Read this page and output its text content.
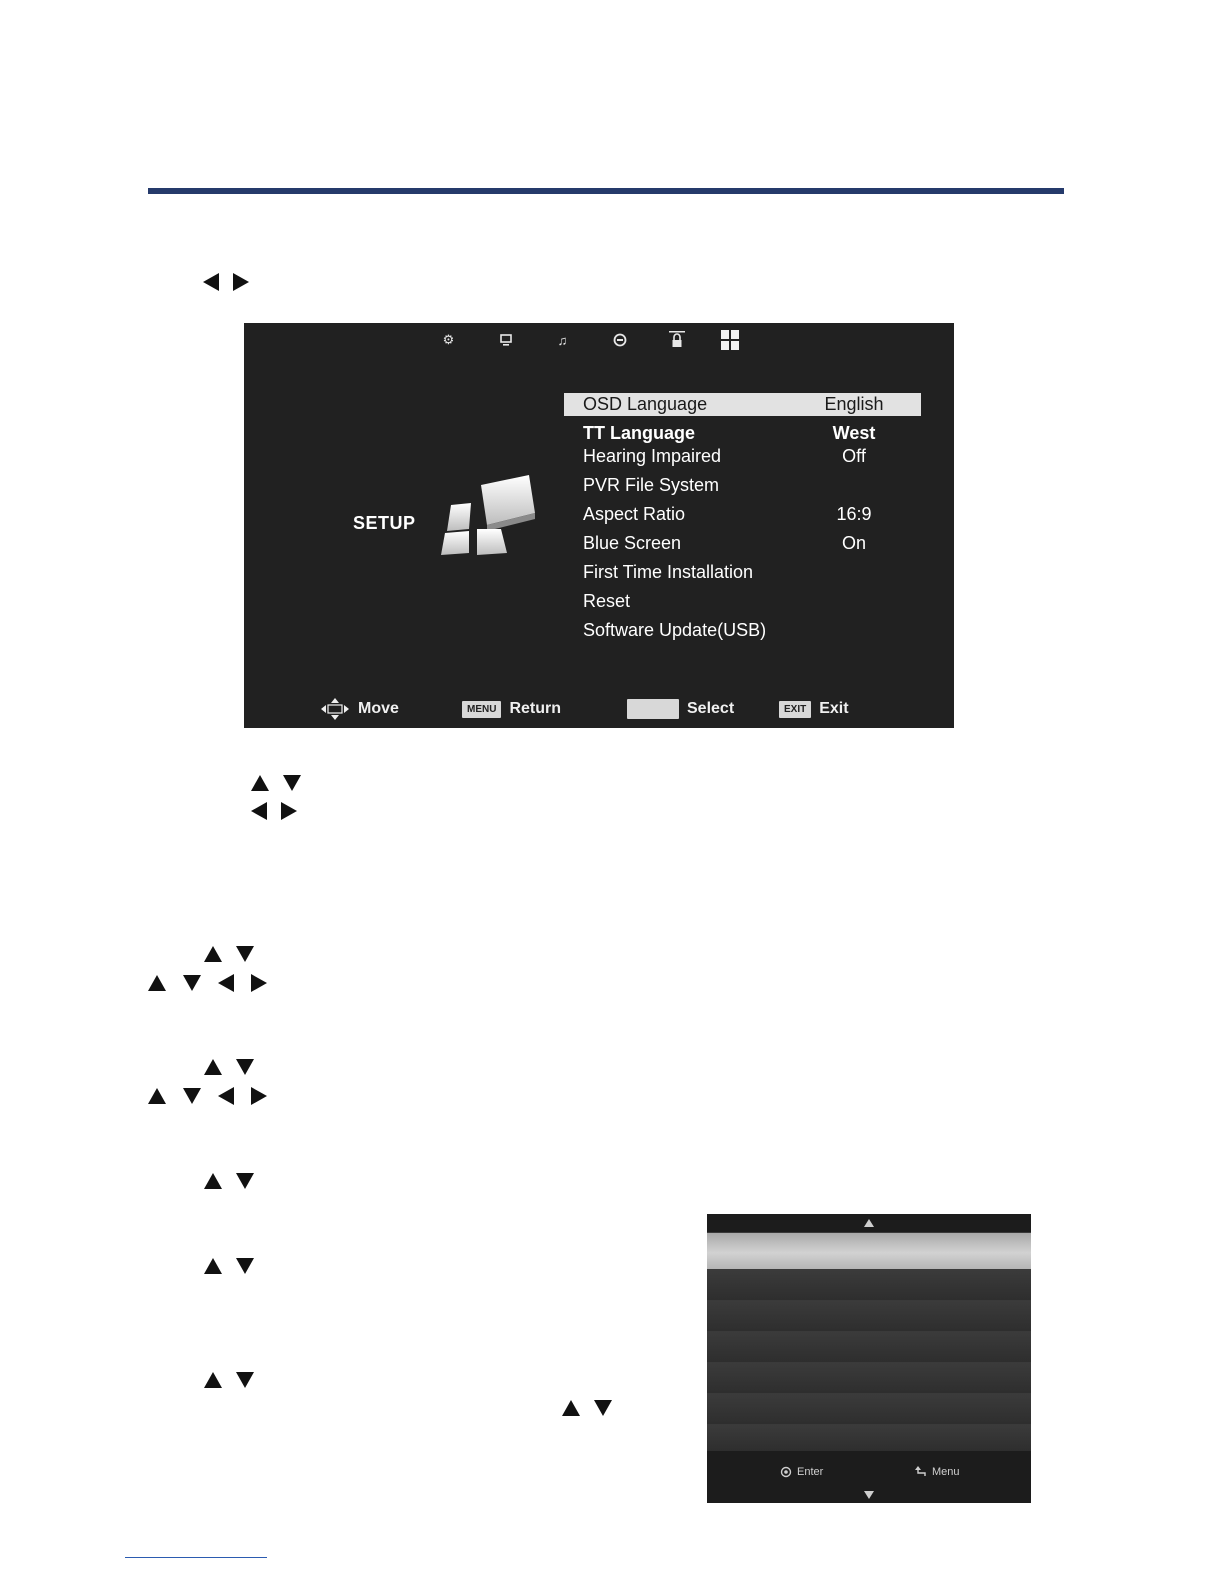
⚙	♫
SETUP
OSD Language	English
TT Language	West
Hearing Impaired	Off
PVR File System
Aspect Ratio	16:9
Blue Screen	On
First Time Installation
Reset
Software Update(USB)
Move	MENU Return	Select	EXIT Exit
Enter	Menu
